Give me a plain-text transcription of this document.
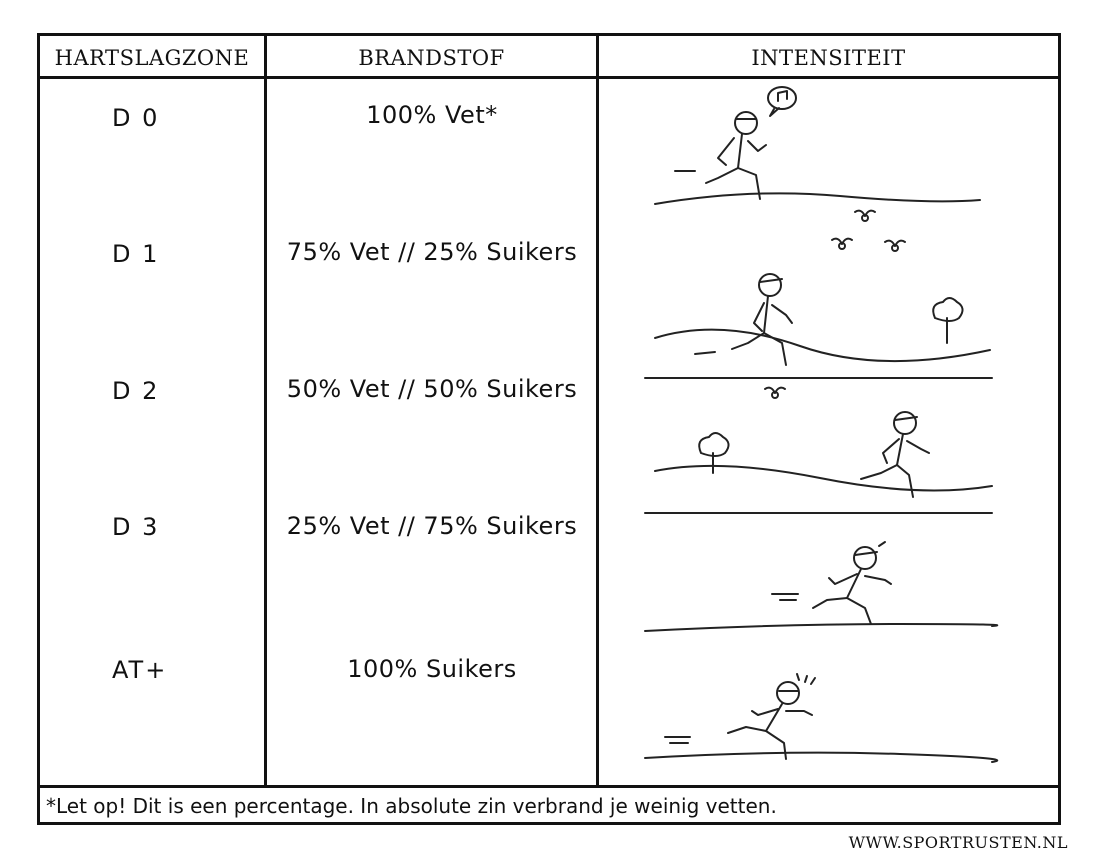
HARTSLAGZONE	BRANDSTOF	INTENSITEIT
D 0
D 1
D 2
D 3
AT+
100% Vet*
75% Vet // 25% Suikers
50% Vet // 50% Suikers
25% Vet // 75% Suikers
100% Suikers
*Let op! Dit is een percentage. In absolute zin verbrand je weinig vetten.
WWW.SPORTRUSTEN.NL
